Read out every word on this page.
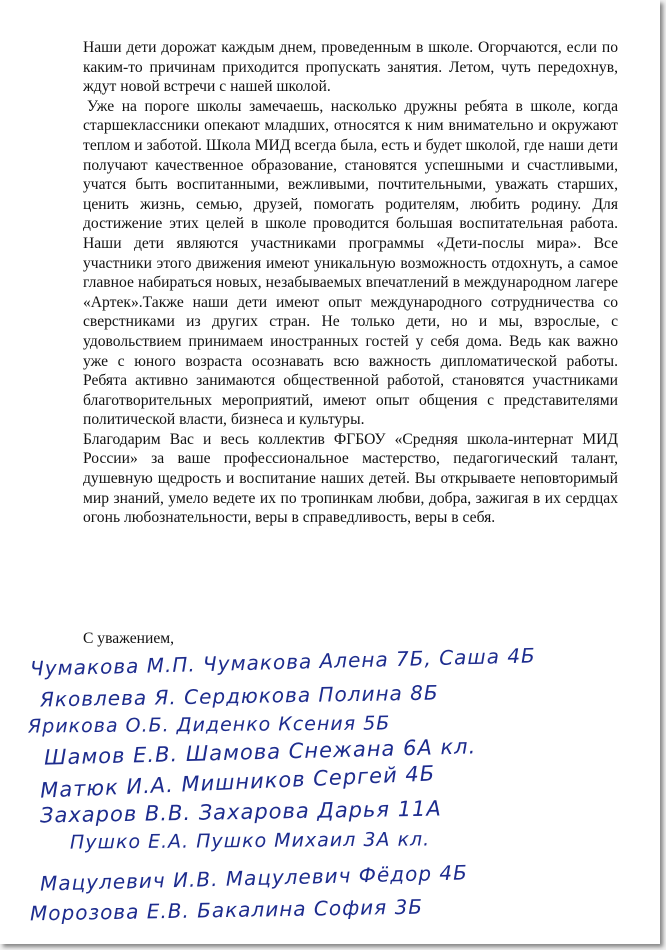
Наши дети дорожат каждым днем, проведенным в школе. Огорчаются, если по каким-то причинам приходится пропускать занятия. Летом, чуть передохнув, ждут новой встречи с нашей школой.

Уже на пороге школы замечаешь, насколько дружны ребята в школе, когда старшеклассники опекают младших, относятся к ним внимательно и окружают теплом и заботой. Школа МИД всегда была, есть и будет школой, где наши дети получают качественное образование, становятся успешными и счастливыми, учатся быть воспитанными, вежливыми, почтительными, уважать старших, ценить жизнь, семью, друзей, помогать родителям, любить родину. Для достижение этих целей в школе проводится большая воспитательная работа. Наши дети являются участниками программы «Дети-послы мира». Все участники этого движения имеют уникальную возможность отдохнуть, а самое главное набираться новых, незабываемых впечатлений в международном лагере «Артек».Также наши дети имеют опыт международного сотрудничества со сверстниками из других стран. Не только дети, но и мы, взрослые, с удовольствием принимаем иностранных гостей у себя дома. Ведь как важно уже с юного возраста осознавать всю важность дипломатической работы. Ребята активно занимаются общественной работой, становятся участниками благотворительных мероприятий, имеют опыт общения с представителями политической власти, бизнеса и культуры.

Благодарим Вас и весь коллектив ФГБОУ «Средняя школа-интернат МИД России» за ваше профессиональное мастерство, педагогический талант, душевную щедрость и воспитание наших детей. Вы открываете неповторимый мир знаний, умело ведете их по тропинкам любви, добра, зажигая в их сердцах огонь любознательности, веры в справедливость, веры в себя.

С уважением,
Чумакова М.П. Чумакова Алена 7Б, Саша 4Б
Яковлева Я. Сердюкова Полина 8Б
Яриковa О.Б. Диденко Ксения 5Б
Шамов Е.В. Шамова Снежана 6А кл.
Матюк И.А. Мишников Сергей 4Б
Захаров В.В. Захарова Дарья 11А
Пушко Е.А. Пушко Михаил 3А кл.
Мацулевич И.В. Мацулевич Фёдор 4Б
Морозова Е.В. Бакалина София 3Б
